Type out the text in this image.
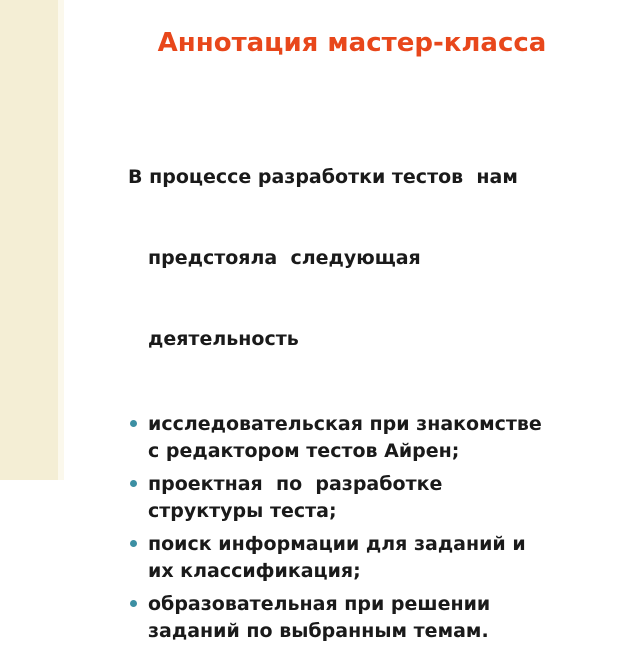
Аннотация мастер-класса

В процессе разработки тестов  нам

предстояла  следующая

деятельность

исследовательская при знакомстве
с редактором тестов Айрен;
проектная  по  разработке
структуры теста;
поиск информации для заданий и
их классификация;
образовательная при решении
заданий по выбранным темам.
